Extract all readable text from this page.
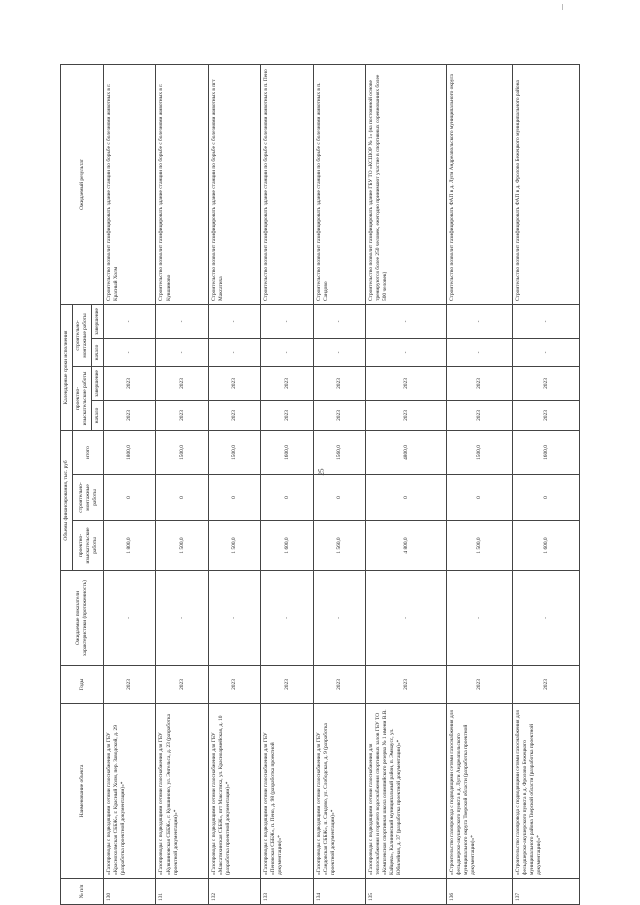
25
№ п/п	Наименование объекта	Годы	Ожидаемые показатели характеристики (протяженность)	Объемы финансирования, тыс. руб			Календарные сроки исполнения				Ожидаемый результат
				проектно-изыскательские работы	строительно-монтажные работы	итого	проектно-изыскательские работы		строительно-монтажные работы		
							начало	завершение	начало	завершение	
130	«Газопроводы с подводящими сетями газоснабжения для ГБУ «Краснохолмская СББЖ», г. Красный Холм, пер. Заводской, д. 29 (разработка проектной документации)»*	2023	-	1 800,0	0	1800,0	2023	2023	-	-	Строительство позволит газифицировать здание станции по борьбе с болезнями животных в г. Красный Холм
131	«Газопроводы с подводящими сетями газоснабжения для ГБУ «Кувшиновская СББЖ», г. Кувшиново, ул. Энгельса, д. 23 (разработка проектной документации)»*	2023	-	1 500,0	0	1500,0	2023	2023	-	-	Строительство позволит газифицировать здание станции по борьбе с болезнями животных в г. Кувшиново
132	«Газопроводы с подводящими сетями газоснабжения для ГБУ «Максатихинская СББЖ», пгт Максатиха, ул. Красноармейская, д. 10 (разработка проектной документации)»*	2023	-	1 500,0	0	1500,0	2023	2023	-	-	Строительство позволит газифицировать здание станции по борьбе с болезнями животных в пгт Максатиха
133	«Газопроводы с подводящими сетями газоснабжения для ГБУ «Пеновская СББЖ», п. Пено, д. 98 (разработка проектной документации)»*	2023	-	1 600,0	0	1600,0	2023	2023	-	-	Строительство позволит газифицировать здание станции по борьбе с болезнями животных в п. Пено
134	«Газопроводы с подводящими сетями газоснабжения для ГБУ «Сандовская СББЖ», п. Сандово, ул. Слободская, д. 9 (разработка проектной документации)»*	2023	-	1 560,0	0	1560,0	2023	2023	-	-	Строительство позволит газифицировать здание станции по борьбе с болезнями животных в п. Сандово
135	«Газопроводы с подводящими сетями газоснабжения для теплоснабжения и горячего водоснабжения спортивных залов ГБУ ТО «Комплексная спортивная школа олимпийского резерва № 1 имени В.В. Кайцева», Калининский муниципальный район, п. Эммаусс, ул. Юбилейная, д. 37 (разработка проектной документации)»*	2023	-	4 800,0	0	4800,0	2023	2023	-	-	Строительство позволит газифицировать здание ГБУ ТО «КСШОР № 1» (на постоянной основе тренируются более 250 человек, ежегодно принимают участие в спортивных соревнованиях более 500 человек)
136	«Строительство газопровода с подводящими сетями газоснабжения для фельдшерско-акушерского пункта в д. Луги Андреапольского муниципального округа Тверской области (разработка проектной документации)»*	2023	-	1 500,0	0	1500,0	2023	2023	-	-	Строительство позволит газифицировать ФАП в д. Луги Андреапольского муниципального округа
137	«Строительство газопровода с подводящими сетями газоснабжения для фельдшерско-акушерского пункта в д. Фролово Бежецкого муниципального района Тверской области (разработка проектной документации)»*	2023	-	1 600,0	0	1600,0	2023	2023	-	-	Строительство позволит газифицировать ФАП в д. Фролово Бежецкого муниципального района
